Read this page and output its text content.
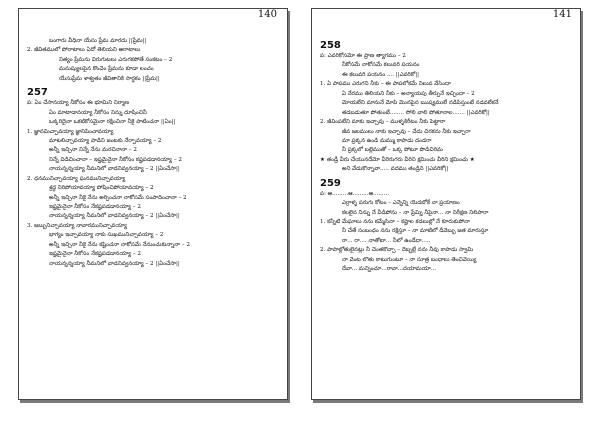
140
బంగారు వీధినా యేసు ప్రేమ మారదు ||ప్రేమ||
2. జీవితములో పోరాటాలు ఏదో తెలియని ఆరాటాలు
నిత్యం ప్రేమను విరుగుటలు ఎరుగకపోతే సంకటం – 2
మనుష్యులపైన కొంచెం ప్రేమను కూడా లంచం
యేసుప్రేమ శాశ్వతం జీవితానికి సార్థకం ||ప్రేమ||
257
ప: ఏం చేసానయ్యా నీకోసం ఈ భూమిని నిర్మాణ
ఏం మాటాడానయ్యా నీకోసం నిన్ను దూషించినీ
ఒక్కరిదైనా ఒకటికోసమైనా రక్షించినా నీకై పాటించనా ||ఏం||
1. జ్ఞానమిచ్చావయ్యా జ్ఞానిపించావయ్యా
మాటలిచ్చావయ్యా పాడిని జంటకు నేర్పావయ్యా – 2
అన్నీ ఇచ్చినా నిన్నే నేను మరచినానా – 2
నిన్నే విడిచించానా – ఇష్టమైనైనా నీకోసం కష్టపడడానయ్యా – 2
నాయన్నన్నయ్యా నీమనిలో వాడనివ్వనయ్యా – 2 ||ఏంచేసా||
2. ధనమునిచ్చావయ్యా ఘనమునిచ్చావయ్యా
శ్రద్ధ నిరిపోయావయ్యా పోషించిపోయావయ్యా – 2
అన్నీ ఇచ్చినా నీకై నేను అర్పించనా నాకోసమే సంపాదించానా – 2
ఇష్టమైనైనా నీకోసం నేకష్టపడడానయ్యా – 2
నాయన్నన్నయ్యా నీమనిలో వాడనివ్వనయ్యా – 2 ||ఏంచేసా||
3. జబ్బునిచ్చావయ్యా నావారమునిచ్చావయ్యా
భాగ్యం ఇచ్చావయ్యా నాకు సుఖమునిచ్చావయ్యా – 2
అన్నీ ఇచ్చినా నీకై నేను కష్టించనా నాకోసమే నేనుంచుకున్నానా – 2
ఇష్టమైనైనా నీకోసం నేకష్టపడడానయ్యా – 2
నాయన్నన్నయ్యా నీమనిలో వాడనివ్వనయ్యా – 2 ||ఏంచేసా||
141
258
ప: ఎవరికోసమో ఈ ప్రాణ త్యాగము – 2
నీకోసమే నాకోసమే కలువరి పయనం
ఈ కలువరి పయనం .... ||ఎవరికో||
1. ఏ పాపము ఎరుగని నీకు – ఈ పాపలోకమే నిలువ వేసిందా
ఏ నేరము తెలియని నీకు – అన్యాయపు తీర్పునే ఇచ్చిందా – 2
మోయలేని మానునే మోపి మొనపైన ఋష్యములే నడిపిస్తుంటే నడవలేకనే
తడబడుతూ పోతుంటే........ సోలి వాలి పోతూనాల....... ||ఎవరికో||
2. జీవింపలేని మాకు ఇచ్చావు – ముళ్ళకిరీటం నీకు పెట్టారా
జీవ జలములు నాకు ఇచ్చావు – చేదు చిరకను నీకు ఇచ్చారా
మా ప్రక్కన ఉండి మమ్ము కాపాడు దండరా
నీ ప్రక్కలో బల్లెముతో – ఒక్క పోటూ పొడిచిరిమ
★ తండ్రీ వీరు చేయునదేమో వీరెరుగరు వీరిని క్షమించు వీరిని క్షమించు ★
అని వేడుకొన్నావా..... వదము తండ్రిని ||ఎవరికో||
259
ప: ఆ.........ఆ.........ఆ.........
ఎర్రాళ్ళ పరుగు కోటం – ఎన్నెన్ని యెదబోకే నా ప్రయాణం
కలలైన నిన్ను నే వీడిపోను – నా ప్రేమ్ని నీపైనా... నా నిరీక్షణ నిలిపారా
1. కన్నీటి మేఘాలు నను కమ్మేసినా – కష్టాల కడలుల్లో నే కూరుకుపోనా
నీ చేతే సంబంధం నను రక్షిస్తూ – నా మాటిలో దీవెబ్బు జత మారుస్తూ
రా... రా.... నాతోటా... నీలో ఉండేదా.....
2. పాపాల్లోతులైనట్లు నీ చెంతకొచ్చా – దెబ్బల్లే నను నీవు కాపాడు స్వామి
నా వెంట లొతు కాటుగుంటూ – నా సూత్ర బంధాలు తెంచివెయ్యి
దేవా... మన్నించూ...రావా...దయామయా...
